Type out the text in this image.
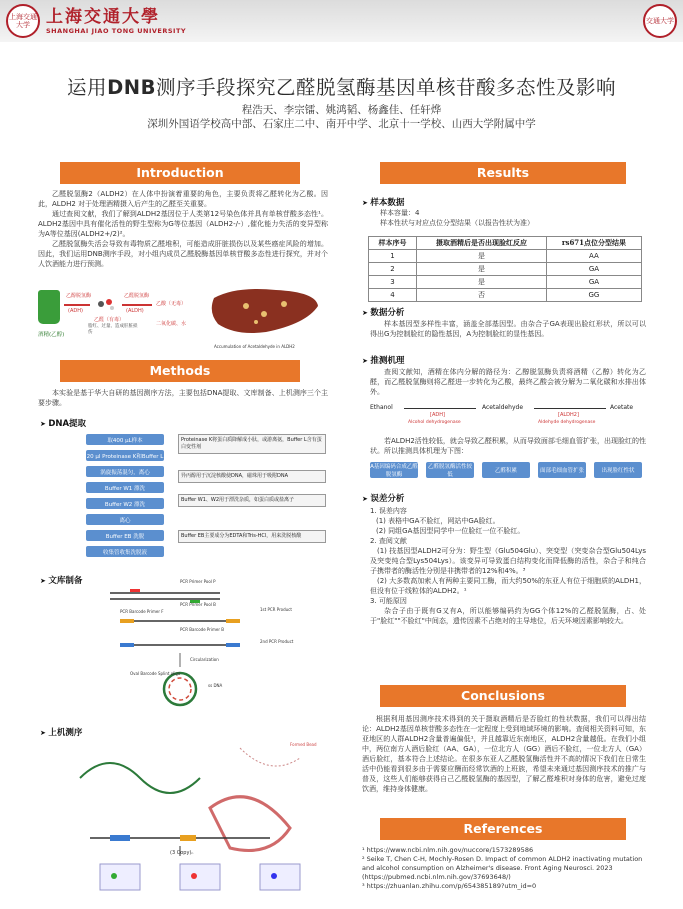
上海交通大学 上海交通大學
SHANGHAI JIAO TONG UNIVERSITY
交通大学
运用DNB测序手段探究乙醛脱氢酶基因单核苷酸多态性及影响
程浩天、李宗镭、姚鸿韬、杨鑫佳、任轩烨
深圳外国语学校高中部、石家庄二中、南开中学、北京十一学校、山西大学附属中学
Introduction
乙醛脱氢酶2（ALDH2）在人体中扮演着重要的角色，主要负责将乙醛转化为乙酸。因此，ALDH2 对于处理酒精摄入后产生的乙醛至关重要。
通过查阅文献，我们了解到ALDH2基因位于人类第12号染色体并具有单核苷酸多态性¹。ALDH2基因中具有催化活性的野生型称为G等位基因（ALDH2-/-）,催化能力失活的变异型称为A等位基因(ALDH2+/2)²。
乙醛脱氢酶失活会导致有毒物质乙醛堆积，可能造成肝脏损伤以及某些癌症风险的增加。因此，我们运用DNB测序手段，对小组内成员乙醛脱酶基因单核苷酸多态性进行探究，并对个人饮酒能力进行预测。
酒精(乙醇)
乙醇脱氢酶
(ADH)
乙醛（有毒）
脂红、过量、造成肝脏损伤
乙醛脱氢酶
(ALDH)
乙酸（无毒）
二氧化碳、水
Accumulation of Acetaldehyde in ALDH2
Methods
本实验是基于华大自研的基因测序方法，主要包括DNA提取、文库制备、上机测序三个主要步骤。
➤ DNA提取
取400 μL样本
20 μl Proteinase K和Buffer L
涡旋振荡混匀，离心
Buffer W1 漂洗
Buffer W2 漂洗
离心
Buffer EB 洗脱
收集管收集洗脱液
Proteinase K将蛋白质降解成小肽，或游离氨，Buffer L含有蛋白变性剂
异丙醇用于沉淀核酸使DNA，磁珠用于吸附DNA
Buffer W1、W2用于漂洗杂质，如蛋白质或盐离子
Buffer EB主要成分为EDTA和Tris-HCl，用来洗脱核酸
➤ 文库制备	PCR Primer Pool P
PCR Primer Pool B
1st PCR Product
PCR Barcode Primer F
PCR Barcode Primer B
2nd PCR Product
Circularization
Oval Barcode Splint oligo
ss DNA
➤ 上机测序
Formed Bead
(3 Copy)ₙ
Results
➤ 样本数据
样本容量：4
样本性状与对应点位分型结果（以报告性状为准）
样本序号	摄取酒精后是否出现脸红反应	rs671点位分型结果
1	是	AA
2	是	GA
3	是	GA
4	否	GG
➤ 数据分析
样本基因型多样性丰富，涵盖全部基因型。由杂合子GA表现出脸红形状，所以可以得出G为控制脸红的隐性基因，A为控制脸红的显性基因。
➤ 推测机理
查阅文献知，酒精在体内分解的路径为：乙醇脱氢酶负责将酒精（乙醇）转化为乙醛，而乙醛脱氢酶则将乙醛进一步转化为乙酸，最终乙酸会被分解为二氧化碳和水排出体外。
Ethanol	Acetaldehyde	Acetate
[ADH]
Alcohol dehydrogenase
[ALDH2]
Aldehyde dehydrogenase
若ALDH2活性较低，就会导致乙醛积累，从而导致面部毛细血管扩张，出现脸红的性状。所以推测具体机理为下图：
A基因编码合成乙醛脱氢酶
乙醛脱氢酶活性较低
乙醛积累	面部毛细血管扩张	出现脸红性状
➤ 误差分析
1. 误差内容
(1) 表格中GA不脸红，网站中GA脸红。
(2) 同组GA基因型同学中一位脸红一位不脸红。
2. 查阅文献
(1) 技基因型ALDH2可分为：野生型（Glu504Glu）、突变型（突变杂合型Glu504Lys及突变纯合型Lys504Lys）。该变异可导致蛋白结构变化而降低酶的活性，杂合子和纯合子携带者的酶活性分别是非携带者的12%和4%。³
(2) 大多数高加索人有两种主要同工酶，而大约50%的东亚人有位于细胞质的ALDH1，但没有位于线粒体的ALDH2。¹
3. 可能原因
杂合子由于既有G又有A，所以能够编码约为GG个体12%的乙醛脱氢酶，占、处于"脸红""不脸红"中间态，遗传因素不占绝对的主导地位，后天环境因素影响较大。
Conclusions
根据利用基因测序技术得到的关于摄取酒精后是否脸红的性状数据，我们可以得出结论：ALDH2基因单核苷酸多态性在一定程度上受到地域环境的影响。查阅相关资料可知，东亚地区的人群ALDH2含量普遍偏低¹，并且越靠近东南地区，ALDH2含量越低。在我们小组中，两位南方人酒后脸红（AA、GA），一位北方人（GG）酒后不脸红，一位北方人（GA）酒后脸红，基本符合上述结论。在很多东亚人乙醛脱氢酶活性并不高的情况下我们在日常生活中仍能看到很多由于需要应酬而经常饮酒的上班族，希望未来通过基因测序技术的推广与普及，这些人们能够获得自己乙醛脱氢酶的基因型，了解乙醛堆积对身体的危害，避免过度饮酒，维持身体健康。
References
¹ https://www.ncbi.nlm.nih.gov/nuccore/1573289586
² Seike T, Chen C-H, Mochly-Rosen D. Impact of common ALDH2 inactivating mutation and alcohol consumption on Alzheimer's disease. Front Aging Neurosci. 2023 (https://pubmed.ncbi.nlm.nih.gov/37693648/)
³ https://zhuanlan.zhihu.com/p/654385189?utm_id=0
